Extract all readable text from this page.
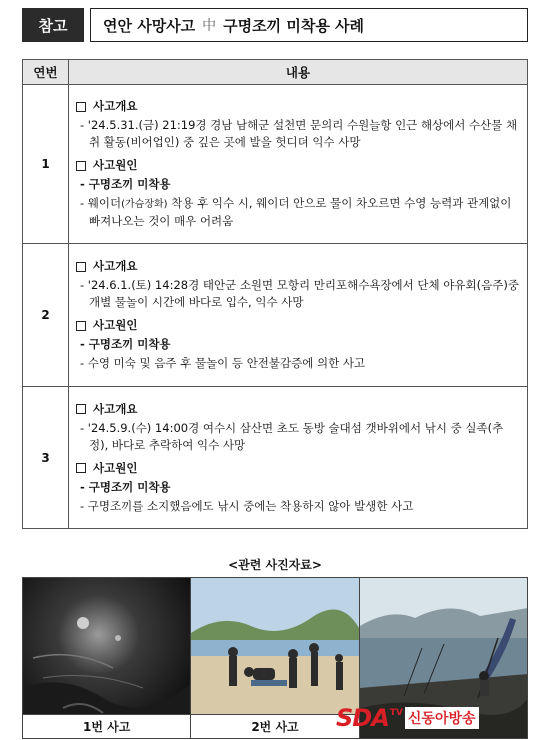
참고	연안 사망사고 中 구명조끼 미착용 사례
연번	내용
1	사고개요
- '24.5.31.(금) 21:19경 경남 남해군 설천면 문의리 수원늘항 인근 해상에서 수산물 채취 활동(비어업인) 중 깊은 곳에 발을 헛디뎌 익수 사망
사고원인
- 구명조끼 미착용
- 웨이더(가슴장화) 착용 후 익수 시, 웨이더 안으로 물이 차오르면 수영 능력과 관계없이 빠져나오는 것이 매우 어려움

2	사고개요
- '24.6.1.(토) 14:28경 태안군 소원면 모항리 만리포해수욕장에서 단체 야유회(음주)중 개별 물놀이 시간에 바다로 입수, 익수 사망
사고원인
- 구명조끼 미착용
- 수영 미숙 및 음주 후 물놀이 등 안전불감증에 의한 사고

3	사고개요
- '24.5.9.(수) 14:00경 여수시 삼산면 초도 동방 술대섬 갯바위에서 낚시 중 실족(추정), 바다로 추락하여 익수 사망
사고원인
- 구명조끼 미착용
- 구명조끼를 소지했음에도 낚시 중에는 착용하지 않아 발생한 사고
<관련 사진자료>
1번 사고	2번 사고	SDA TV 신동아방송
